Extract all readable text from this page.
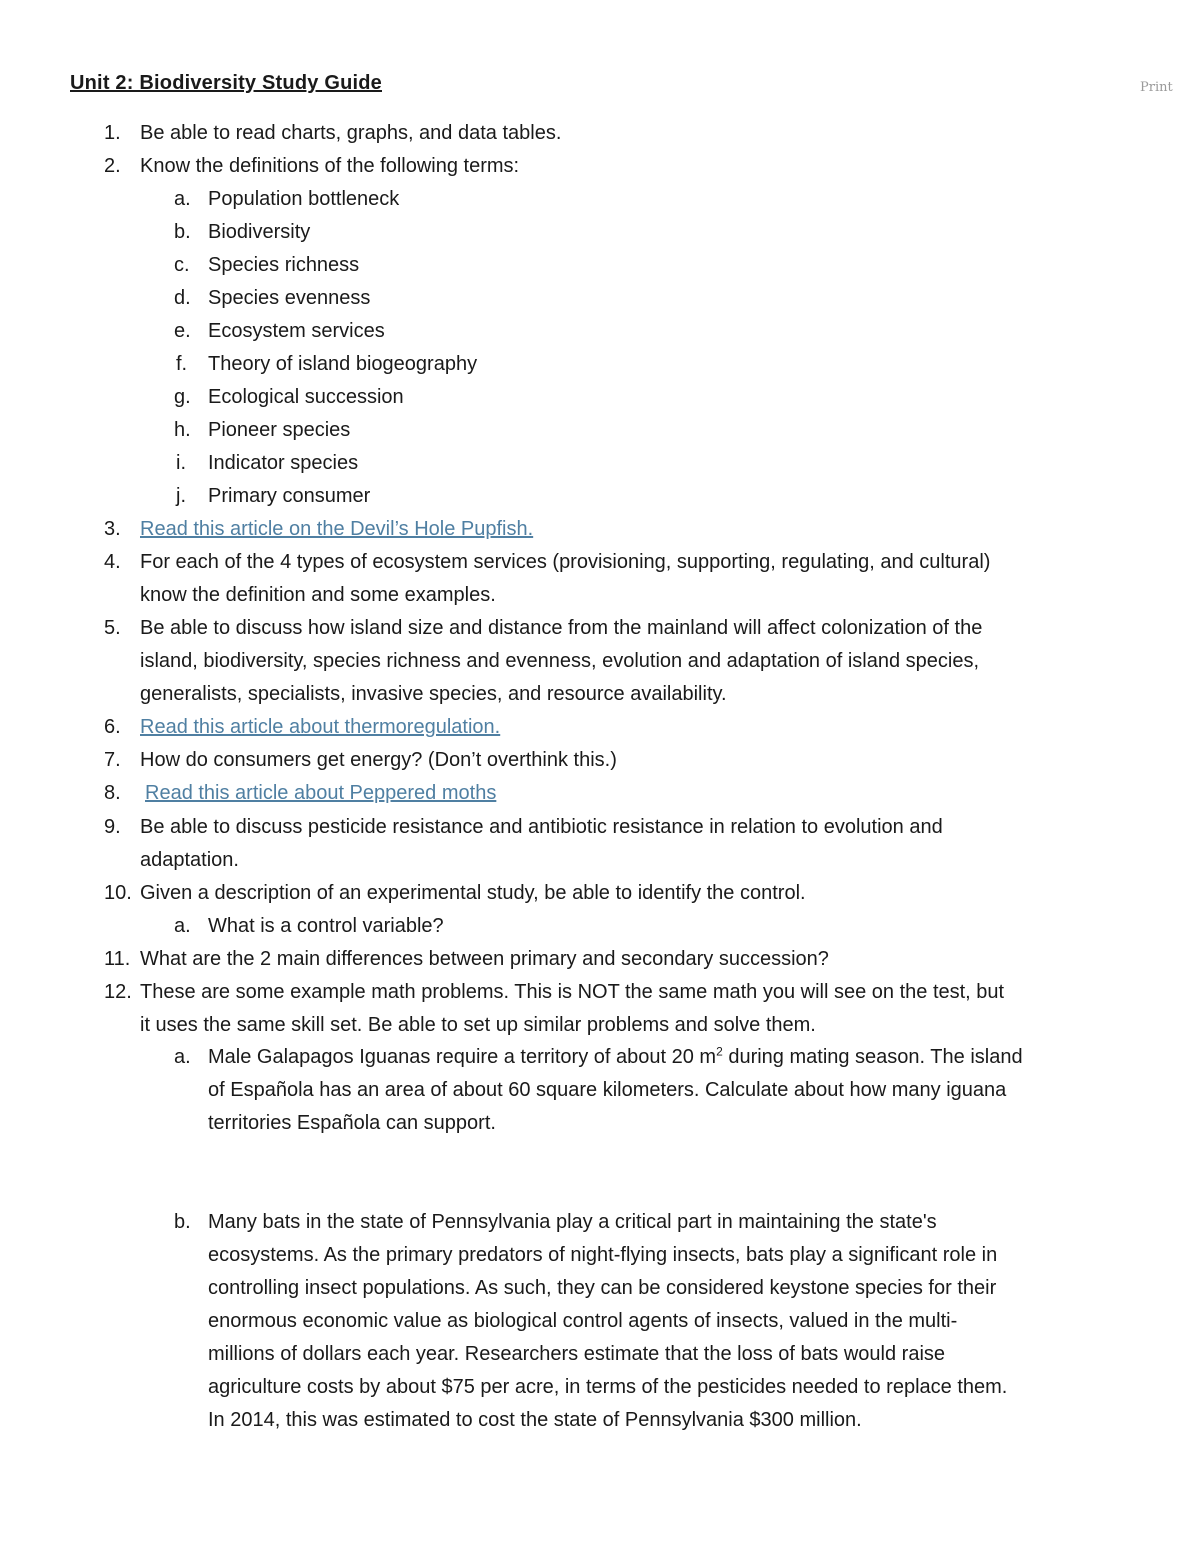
Print
Unit 2: Biodiversity Study Guide
1. Be able to read charts, graphs, and data tables.
2. Know the definitions of the following terms:
a. Population bottleneck
b. Biodiversity
c. Species richness
d. Species evenness
e. Ecosystem services
f. Theory of island biogeography
g. Ecological succession
h. Pioneer species
i. Indicator species
j. Primary consumer
3. Read this article on the Devil’s Hole Pupfish.
4. For each of the 4 types of ecosystem services (provisioning, supporting, regulating, and cultural)
know the definition and some examples.
5. Be able to discuss how island size and distance from the mainland will affect colonization of the
island, biodiversity, species richness and evenness, evolution and adaptation of island species,
generalists, specialists, invasive species, and resource availability.
6. Read this article about thermoregulation.
7. How do consumers get energy? (Don’t overthink this.)
8. Read this article about Peppered moths
9. Be able to discuss pesticide resistance and antibiotic resistance in relation to evolution and
adaptation.
10. Given a description of an experimental study, be able to identify the control.
a. What is a control variable?
11. What are the 2 main differences between primary and secondary succession?
12. These are some example math problems. This is NOT the same math you will see on the test, but
it uses the same skill set. Be able to set up similar problems and solve them.
a. Male Galapagos Iguanas require a territory of about 20 $m^2$ during mating season. The island
of Española has an area of about 60 square kilometers. Calculate about how many iguana
territories Española can support.
b. Many bats in the state of Pennsylvania play a critical part in maintaining the state's
ecosystems. As the primary predators of night-flying insects, bats play a significant role in
controlling insect populations. As such, they can be considered keystone species for their
enormous economic value as biological control agents of insects, valued in the multi-
millions of dollars each year. Researchers estimate that the loss of bats would raise
agriculture costs by about $75 per acre, in terms of the pesticides needed to replace them.
In 2014, this was estimated to cost the state of Pennsylvania $300 million.
